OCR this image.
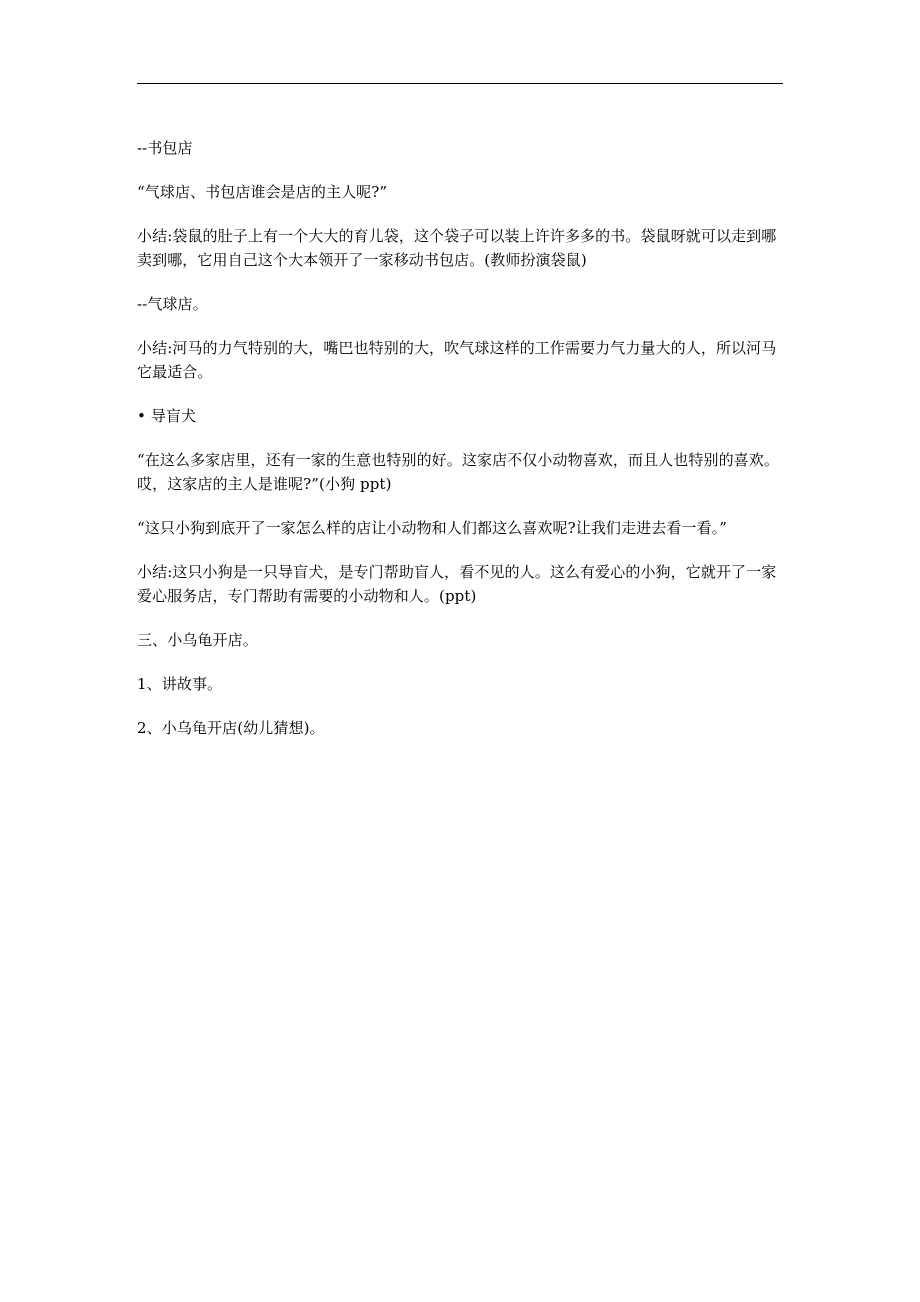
--书包店

“气球店、书包店谁会是店的主人呢?”

小结:袋鼠的肚子上有一个大大的育儿袋，这个袋子可以装上许许多多的书。袋鼠呀就可以走到哪卖到哪，它用自己这个大本领开了一家移动书包店。(教师扮演袋鼠)

--气球店。

小结:河马的力气特别的大，嘴巴也特别的大，吹气球这样的工作需要力气力量大的人，所以河马它最适合。

• 导盲犬

“在这么多家店里，还有一家的生意也特别的好。这家店不仅小动物喜欢，而且人也特别的喜欢。哎，这家店的主人是谁呢?”(小狗 ppt)

“这只小狗到底开了一家怎么样的店让小动物和人们都这么喜欢呢?让我们走进去看一看。”

小结:这只小狗是一只导盲犬，是专门帮助盲人，看不见的人。这么有爱心的小狗，它就开了一家爱心服务店，专门帮助有需要的小动物和人。(ppt)

三、小乌龟开店。

1、讲故事。

2、小乌龟开店(幼儿猜想)。
